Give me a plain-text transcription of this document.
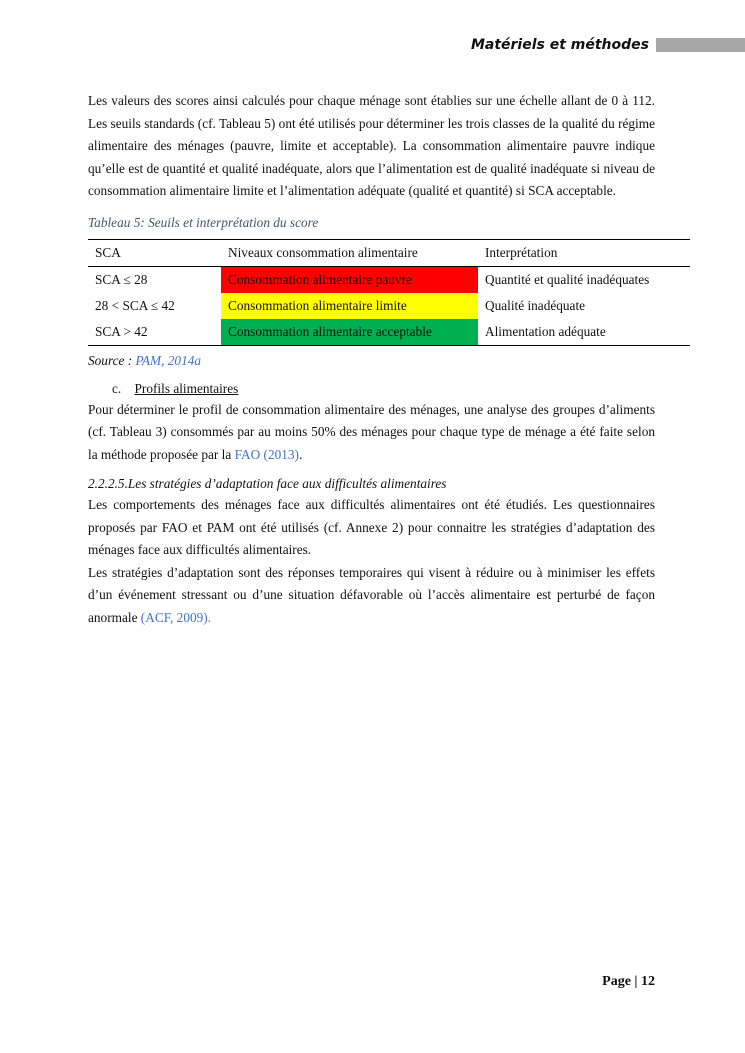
Matériels et méthodes

Les valeurs des scores ainsi calculés pour chaque ménage sont établies sur une échelle allant de 0 à 112. Les seuils standards (cf. Tableau 5) ont été utilisés pour déterminer les trois classes de la qualité du régime alimentaire des ménages (pauvre, limite et acceptable). La consommation alimentaire pauvre indique qu’elle est de quantité et qualité inadéquate, alors que l’alimentation est de qualité inadéquate si niveau de consommation alimentaire limite et l’alimentation adéquate (qualité et quantité) si SCA acceptable.

Tableau 5: Seuils et interprétation du score
SCA	Niveaux consommation alimentaire	Interprétation
SCA ≤ 28	Consommation alimentaire pauvre	Quantité et qualité inadéquates
28 < SCA ≤ 42	Consommation alimentaire limite	Qualité inadéquate
SCA > 42	Consommation alimentaire acceptable	Alimentation adéquate
Source : PAM, 2014a
c. Profils alimentaires

Pour déterminer le profil de consommation alimentaire des ménages, une analyse des groupes d’aliments (cf. Tableau 3) consommés par au moins 50% des ménages pour chaque type de ménage a été faite selon la méthode proposée par la FAO (2013).

2.2.2.5.Les stratégies d’adaptation face aux difficultés alimentaires

Les comportements des ménages face aux difficultés alimentaires ont été étudiés. Les questionnaires proposés par FAO et PAM ont été utilisés (cf. Annexe 2) pour connaitre les stratégies d’adaptation des ménages face aux difficultés alimentaires.

Les stratégies d’adaptation sont des réponses temporaires qui visent à réduire ou à minimiser les effets d’un événement stressant ou d’une situation défavorable où l’accès alimentaire est perturbé de façon anormale (ACF, 2009).

Page | 12
